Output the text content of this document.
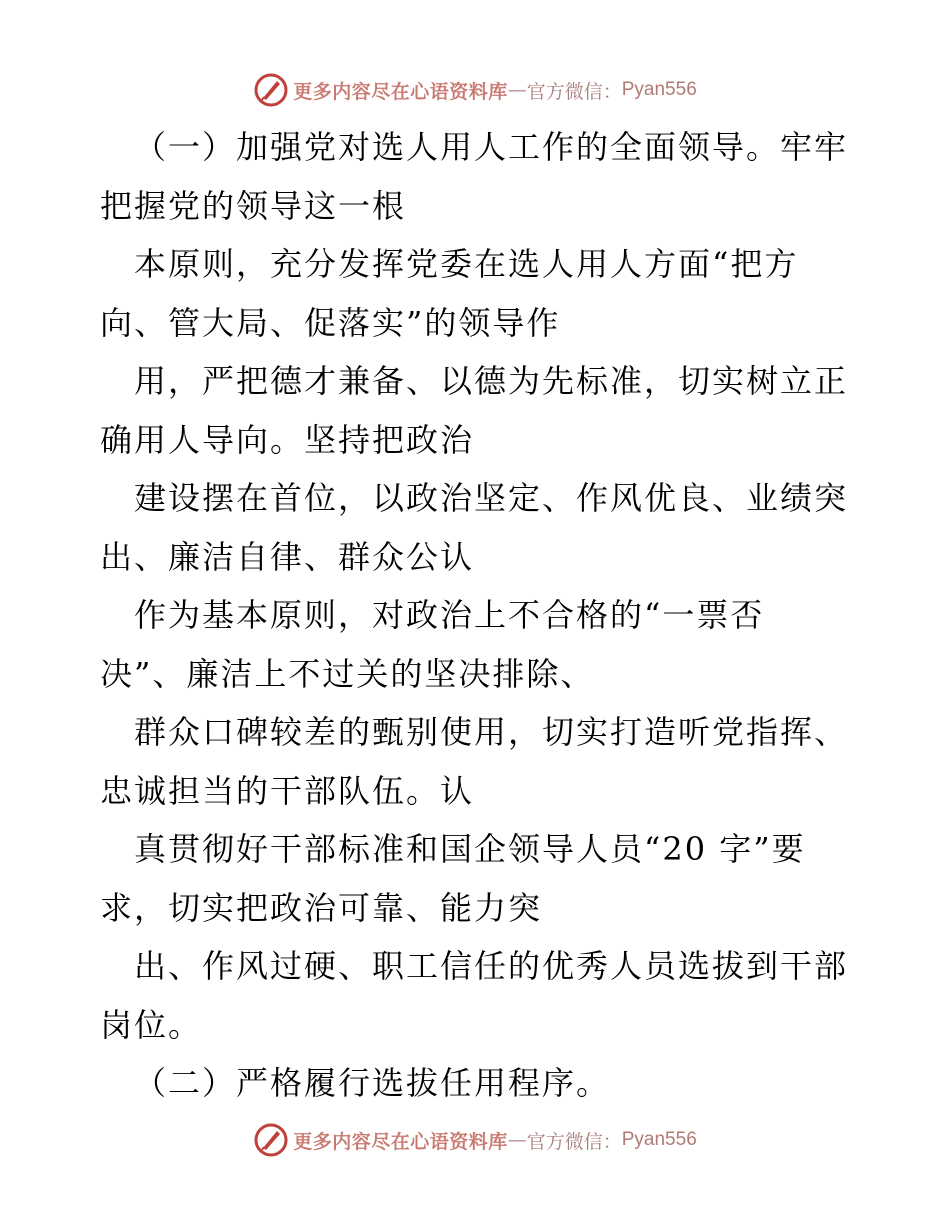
更多内容尽在心语资料库 — 官方微信： Pyan556
（一）加强党对选人用人工作的全面领导。牢牢
把握党的领导这一根
本原则，充分发挥党委在选人用人方面“把方
向、管大局、促落实”的领导作
用，严把德才兼备、以德为先标准，切实树立正
确用人导向。坚持把政治
建设摆在首位，以政治坚定、作风优良、业绩突
出、廉洁自律、群众公认
作为基本原则，对政治上不合格的“一票否
决”、廉洁上不过关的坚决排除、
群众口碑较差的甄别使用，切实打造听党指挥、
忠诚担当的干部队伍。认
真贯彻好干部标准和国企领导人员“20 字”要
求，切实把政治可靠、能力突
出、作风过硬、职工信任的优秀人员选拔到干部
岗位。
（二）严格履行选拔任用程序。
更多内容尽在心语资料库 — 官方微信： Pyan556
